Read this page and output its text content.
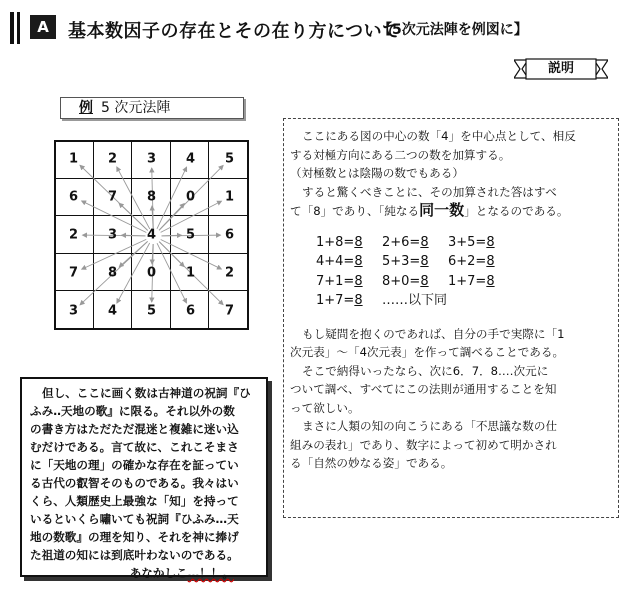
A	基本数因子の存在とその在り方について
【5次元法陣を例図に】
説明
例 5 次元法陣
1 2 3 4 5
6 7 8 0 1
2 3 4 5 6
7 8 0 1 2
3 4 5 6 7

但し、ここに画く数は古神道の祝詞『ひ

ふみ‥天地の歌』に限る。それ以外の数

の書き方はただただ混迷と複雑に迷い込

むだけである。言て故に、これこそまさ

に「天地の理」の確かな存在を証ってい

る古代の叡智そのものである。我々はい

くら、人類歴史上最強な「知」を持って

いるといくら嘯いても祝詞『ひふみ…天

地の数歌』の理を知り、それを神に捧げ

た祖道の知には到底叶わないのである。

あなかしこ…！！。

ここにある図の中心の数「4」を中心点として、相反

する対極方向にある二つの数を加算する。

（対極数とは陰陽の数でもある）

すると驚くべきことに、その加算された答はすべ

て「8」であり、「純なる同一数」となるのである。

1+8=8 2+6=8 3+5=8
4+4=8 5+3=8 6+2=8
7+1=8 8+0=8 1+7=8
1+7=8 ……以下同

もし疑問を抱くのであれば、自分の手で実際に「1

次元表」～「4次元表」を作って調べることである。

そこで納得いったなら、次に6．7．8‥‥次元に

ついて調べ、すべてにこの法則が通用することを知

って欲しい。

まさに人類の知の向こうにある「不思議な数の仕

組みの表れ」であり、数字によって初めて明かされ

る「自然の妙なる姿」である。
